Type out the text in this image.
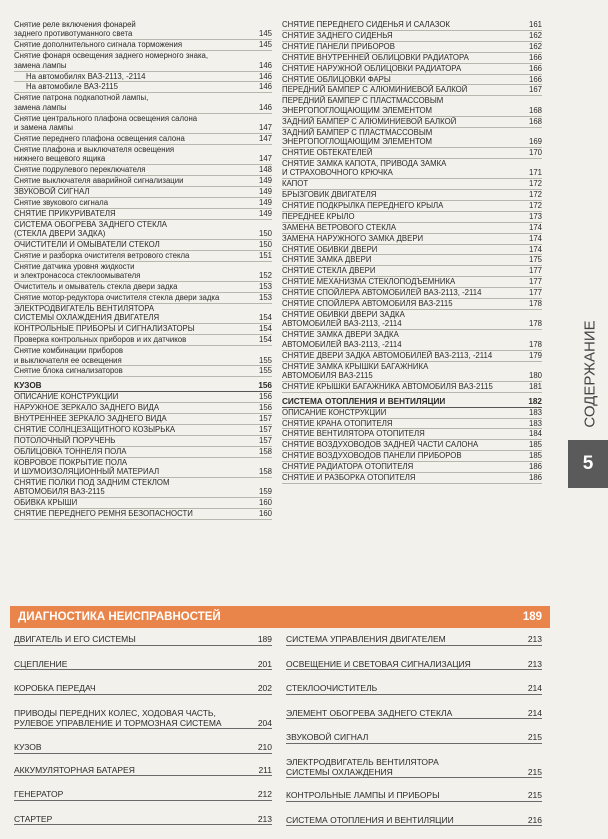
Снятие реле включения фонарей
заднего противотуманного света	145
Снятие дополнительного сигнала торможения	145
Снятие фонаря освещения заднего номерного знака,
замена лампы	146
На автомобилях ВАЗ-2113, -2114	146
На автомобиле ВАЗ-2115	146
Снятие патрона подкапотной лампы,
замена лампы	146
Снятие центрального плафона освещения салона
и замена лампы	147
Снятие переднего плафона освещения салона	147
Снятие плафона и выключателя освещения
нижнего вещевого ящика	147
Снятие подрулевого переключателя	148
Снятие выключателя аварийной сигнализации	149
ЗВУКОВОЙ СИГНАЛ	149
Снятие звукового сигнала	149
СНЯТИЕ ПРИКУРИВАТЕЛЯ	149
СИСТЕМА ОБОГРЕВА ЗАДНЕГО СТЕКЛА
(СТЕКЛА ДВЕРИ ЗАДКА)	150
ОЧИСТИТЕЛИ И ОМЫВАТЕЛИ СТЕКОЛ	150
Снятие и разборка очистителя ветрового стекла	151
Снятие датчика уровня жидкости
и электронасоса стеклоомывателя	152
Очиститель и омыватель стекла двери задка	153
Снятие мотор-редуктора очистителя стекла двери задка	153
ЭЛЕКТРОДВИГАТЕЛЬ ВЕНТИЛЯТОРА
СИСТЕМЫ ОХЛАЖДЕНИЯ ДВИГАТЕЛЯ	154
КОНТРОЛЬНЫЕ ПРИБОРЫ И СИГНАЛИЗАТОРЫ	154
Проверка контрольных приборов и их датчиков	154
Снятие комбинации приборов
и выключателя ее освещения	155
Снятие блока сигнализаторов	155
КУЗОВ	156
ОПИСАНИЕ КОНСТРУКЦИИ	156
НАРУЖНОЕ ЗЕРКАЛО ЗАДНЕГО ВИДА	156
ВНУТРЕННЕЕ ЗЕРКАЛО ЗАДНЕГО ВИДА	157
СНЯТИЕ СОЛНЦЕЗАЩИТНОГО КОЗЫРЬКА	157
ПОТОЛОЧНЫЙ ПОРУЧЕНЬ	157
ОБЛИЦОВКА ТОННЕЛЯ ПОЛА	158
КОВРОВОЕ ПОКРЫТИЕ ПОЛА
И ШУМОИЗОЛЯЦИОННЫЙ МАТЕРИАЛ	158
СНЯТИЕ ПОЛКИ ПОД ЗАДНИМ СТЕКЛОМ
АВТОМОБИЛЯ ВАЗ-2115	159
ОБИВКА КРЫШИ	160
СНЯТИЕ ПЕРЕДНЕГО РЕМНЯ БЕЗОПАСНОСТИ	160
СНЯТИЕ ПЕРЕДНЕГО СИДЕНЬЯ И САЛАЗОК	161
СНЯТИЕ ЗАДНЕГО СИДЕНЬЯ	162
СНЯТИЕ ПАНЕЛИ ПРИБОРОВ	162
СНЯТИЕ ВНУТРЕННЕЙ ОБЛИЦОВКИ РАДИАТОРА	166
СНЯТИЕ НАРУЖНОЙ ОБЛИЦОВКИ РАДИАТОРА	166
СНЯТИЕ ОБЛИЦОВКИ ФАРЫ	166
ПЕРЕДНИЙ БАМПЕР С АЛЮМИНИЕВОЙ БАЛКОЙ	167
ПЕРЕДНИЙ БАМПЕР С ПЛАСТМАССОВЫМ
ЭНЕРГОПОГЛОЩАЮЩИМ ЭЛЕМЕНТОМ	168
ЗАДНИЙ БАМПЕР С АЛЮМИНИЕВОЙ БАЛКОЙ	168
ЗАДНИЙ БАМПЕР С ПЛАСТМАССОВЫМ
ЭНЕРГОПОГЛОЩАЮЩИМ ЭЛЕМЕНТОМ	169
СНЯТИЕ ОБТЕКАТЕЛЕЙ	170
СНЯТИЕ ЗАМКА КАПОТА, ПРИВОДА ЗАМКА
И СТРАХОВОЧНОГО КРЮЧКА	171
КАПОТ	172
БРЫЗГОВИК ДВИГАТЕЛЯ	172
СНЯТИЕ ПОДКРЫЛКА ПЕРЕДНЕГО КРЫЛА	172
ПЕРЕДНЕЕ КРЫЛО	173
ЗАМЕНА ВЕТРОВОГО СТЕКЛА	174
ЗАМЕНА НАРУЖНОГО ЗАМКА ДВЕРИ	174
СНЯТИЕ ОБИВКИ ДВЕРИ	174
СНЯТИЕ ЗАМКА ДВЕРИ	175
СНЯТИЕ СТЕКЛА ДВЕРИ	177
СНЯТИЕ МЕХАНИЗМА СТЕКЛОПОДЪЕМНИКА	177
СНЯТИЕ СПОЙЛЕРА АВТОМОБИЛЕЙ ВАЗ-2113, -2114	177
СНЯТИЕ СПОЙЛЕРА АВТОМОБИЛЯ ВАЗ-2115	178
СНЯТИЕ ОБИВКИ ДВЕРИ ЗАДКА
АВТОМОБИЛЕЙ ВАЗ-2113, -2114	178
СНЯТИЕ ЗАМКА ДВЕРИ ЗАДКА
АВТОМОБИЛЕЙ ВАЗ-2113, -2114	178
СНЯТИЕ ДВЕРИ ЗАДКА АВТОМОБИЛЕЙ ВАЗ-2113, -2114	179
СНЯТИЕ ЗАМКА КРЫШКИ БАГАЖНИКА
АВТОМОБИЛЯ ВАЗ-2115	180
СНЯТИЕ КРЫШКИ БАГАЖНИКА АВТОМОБИЛЯ ВАЗ-2115	181
СИСТЕМА ОТОПЛЕНИЯ И ВЕНТИЛЯЦИИ	182
ОПИСАНИЕ КОНСТРУКЦИИ	183
СНЯТИЕ КРАНА ОТОПИТЕЛЯ	183
СНЯТИЕ ВЕНТИЛЯТОРА ОТОПИТЕЛЯ	184
СНЯТИЕ ВОЗДУХОВОДОВ ЗАДНЕЙ ЧАСТИ САЛОНА	185
СНЯТИЕ ВОЗДУХОВОДОВ ПАНЕЛИ ПРИБОРОВ	185
СНЯТИЕ РАДИАТОРА ОТОПИТЕЛЯ	186
СНЯТИЕ И РАЗБОРКА ОТОПИТЕЛЯ	186
СОДЕРЖАНИЕ
5
ДИАГНОСТИКА НЕИСПРАВНОСТЕЙ	189
ДВИГАТЕЛЬ И ЕГО СИСТЕМЫ	189
СЦЕПЛЕНИЕ	201
КОРОБКА ПЕРЕДАЧ	202
ПРИВОДЫ ПЕРЕДНИХ КОЛЕС, ХОДОВАЯ ЧАСТЬ,
РУЛЕВОЕ УПРАВЛЕНИЕ И ТОРМОЗНАЯ СИСТЕМА	204
КУЗОВ	210
АККУМУЛЯТОРНАЯ БАТАРЕЯ	211
ГЕНЕРАТОР	212
СТАРТЕР	213
СИСТЕМА УПРАВЛЕНИЯ ДВИГАТЕЛЕМ	213
ОСВЕЩЕНИЕ И СВЕТОВАЯ СИГНАЛИЗАЦИЯ	213
СТЕКЛООЧИСТИТЕЛЬ	214
ЭЛЕМЕНТ ОБОГРЕВА ЗАДНЕГО СТЕКЛА	214
ЗВУКОВОЙ СИГНАЛ	215
ЭЛЕКТРОДВИГАТЕЛЬ ВЕНТИЛЯТОРА
СИСТЕМЫ ОХЛАЖДЕНИЯ	215
КОНТРОЛЬНЫЕ ЛАМПЫ И ПРИБОРЫ	215
СИСТЕМА ОТОПЛЕНИЯ И ВЕНТИЛЯЦИИ	216
